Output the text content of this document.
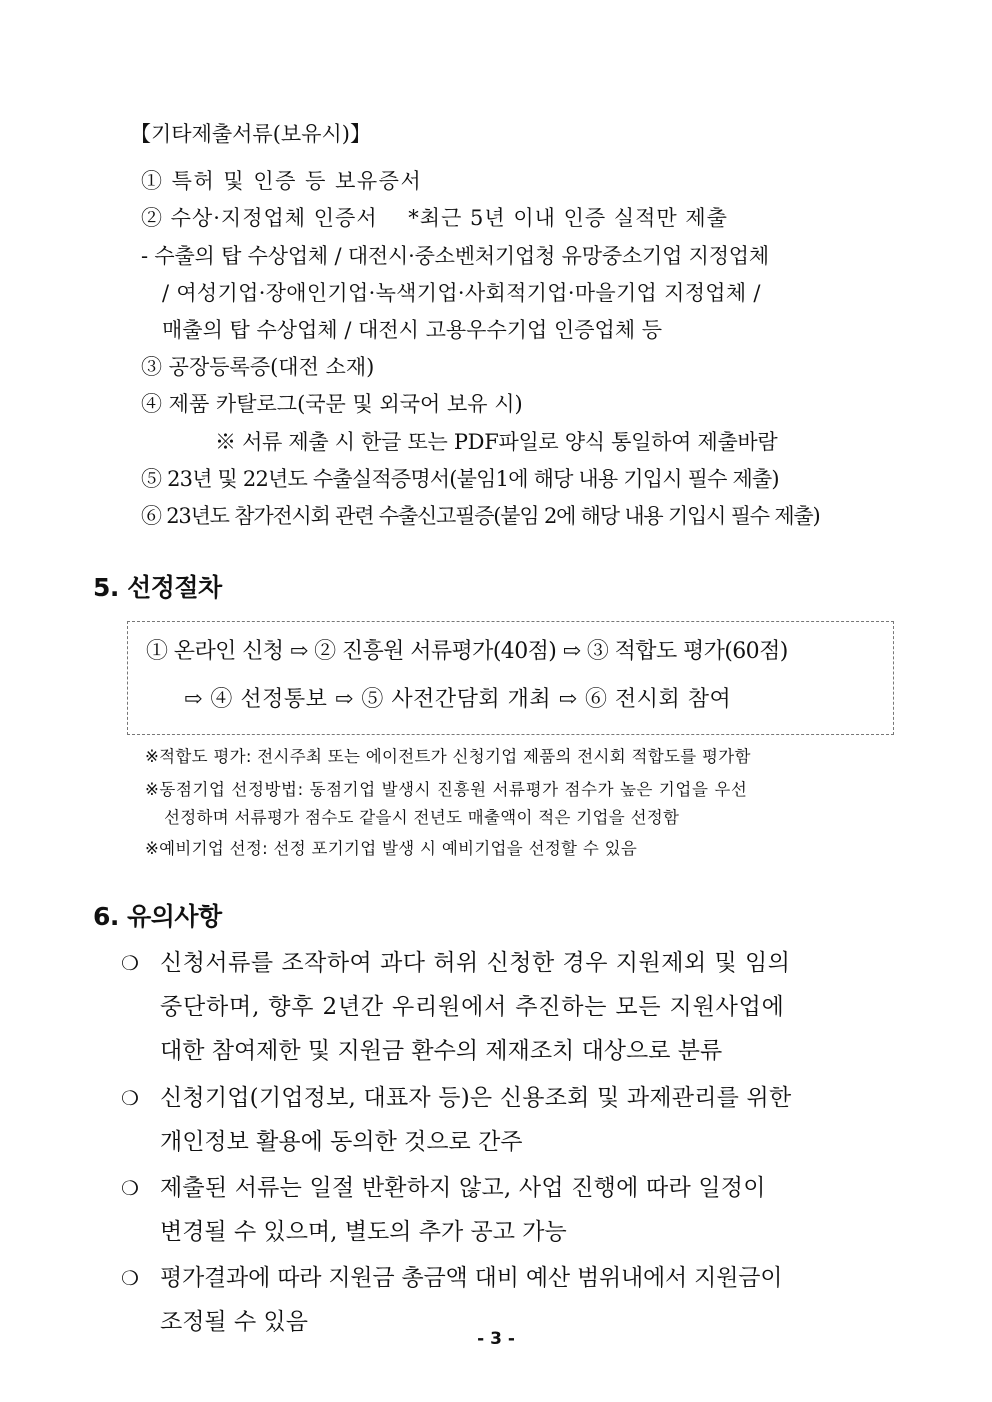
【기타제출서류(보유시)】
① 특허 및 인증 등 보유증서
② 수상·지정업체 인증서    *최근 5년 이내 인증 실적만 제출
- 수출의 탑 수상업체 / 대전시·중소벤처기업청 유망중소기업 지정업체
/ 여성기업·장애인기업·녹색기업·사회적기업·마을기업 지정업체 /
매출의 탑 수상업체 / 대전시 고용우수기업 인증업체 등
③ 공장등록증(대전 소재)
④ 제품 카탈로그(국문 및 외국어 보유 시)
※ 서류 제출 시 한글 또는 PDF파일로 양식 통일하여 제출바람
⑤ 23년 및 22년도 수출실적증명서(붙임1에 해당 내용 기입시 필수 제출)
⑥ 23년도 참가전시회 관련 수출신고필증(붙임 2에 해당 내용 기입시 필수 제출)
5. 선정절차
① 온라인 신청 ⇨ ② 진흥원 서류평가(40점) ⇨ ③ 적합도 평가(60점)
⇨ ④ 선정통보 ⇨ ⑤ 사전간담회 개최 ⇨ ⑥ 전시회 참여
※적합도 평가: 전시주최 또는 에이전트가 신청기업 제품의 전시회 적합도를 평가함
※동점기업 선정방법: 동점기업 발생시 진흥원 서류평가 점수가 높은 기업을 우선
선정하며 서류평가 점수도 같을시 전년도 매출액이 적은 기업을 선정함
※예비기업 선정: 선정 포기기업 발생 시 예비기업을 선정할 수 있음
6. 유의사항
❍ 신청서류를 조작하여 과다 허위 신청한 경우 지원제외 및 임의
중단하며, 향후 2년간 우리원에서 추진하는 모든 지원사업에
대한 참여제한 및 지원금 환수의 제재조치 대상으로 분류
❍ 신청기업(기업정보, 대표자 등)은 신용조회 및 과제관리를 위한
개인정보 활용에 동의한 것으로 간주
❍ 제출된 서류는 일절 반환하지 않고, 사업 진행에 따라 일정이
변경될 수 있으며, 별도의 추가 공고 가능
❍ 평가결과에 따라 지원금 총금액 대비 예산 범위내에서 지원금이
조정될 수 있음
- 3 -
